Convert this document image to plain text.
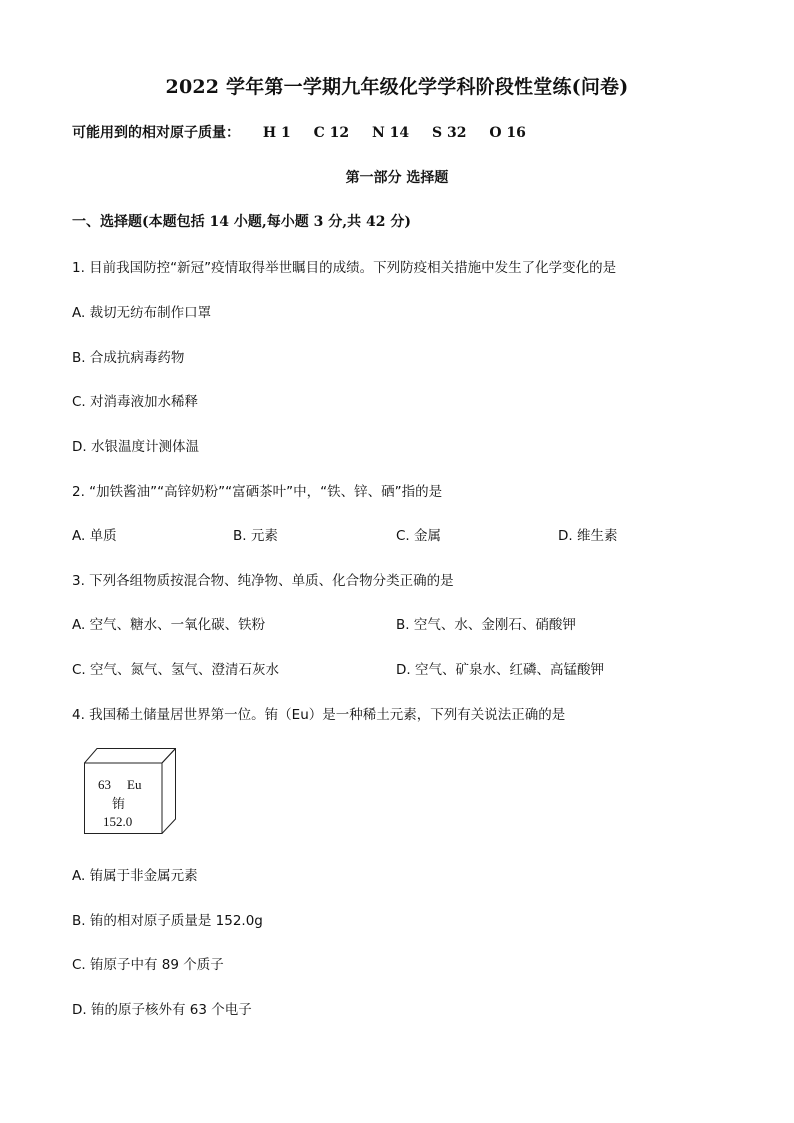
2022 学年第一学期九年级化学学科阶段性堂练(问卷)
可能用到的相对原子质量： H 1 C 12 N 14 S 32 O 16
第一部分 选择题
一、选择题(本题包括 14 小题,每小题 3 分,共 42 分)
1. 目前我国防控“新冠”疫情取得举世瞩目的成绩。下列防疫相关措施中发生了化学变化的是
A. 裁切无纺布制作口罩
B. 合成抗病毒药物
C. 对消毒液加水稀释
D. 水银温度计测体温
2. “加铁酱油”“高锌奶粉”“富硒茶叶”中，“铁、锌、硒”指的是
A. 单质	B. 元素	C. 金属	D. 维生素
3. 下列各组物质按混合物、纯净物、单质、化合物分类正确的是
A. 空气、糖水、一氧化碳、铁粉	B. 空气、水、金刚石、硝酸钾
C. 空气、氮气、氢气、澄清石灰水	D. 空气、矿泉水、红磷、高锰酸钾
4. 我国稀土储量居世界第一位。铕（Eu）是一种稀土元素，下列有关说法正确的是
63 Eu
铕
152.0
A. 铕属于非金属元素
B. 铕的相对原子质量是 152.0g
C. 铕原子中有 89 个质子
D. 铕的原子核外有 63 个电子
